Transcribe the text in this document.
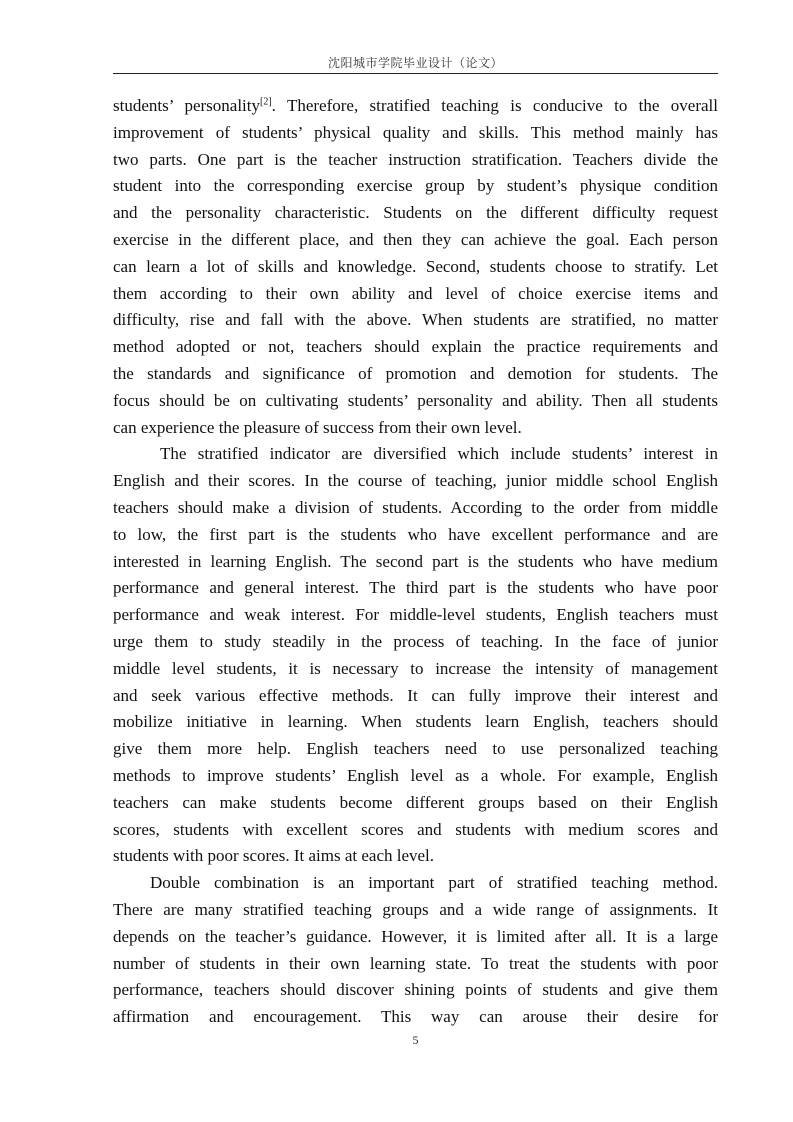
沈阳城市学院毕业设计（论文）

students’ personality[2]. Therefore, stratified teaching is conducive to the overall
improvement of students’ physical quality and skills. This method mainly has
two parts. One part is the teacher instruction stratification. Teachers divide the
student into the corresponding exercise group by student’s physique condition
and the personality characteristic. Students on the different difficulty request
exercise in the different place, and then they can achieve the goal. Each person
can learn a lot of skills and knowledge. Second, students choose to stratify. Let
them according to their own ability and level of choice exercise items and
difficulty, rise and fall with the above. When students are stratified, no matter
method adopted or not, teachers should explain the practice requirements and
the standards and significance of promotion and demotion for students. The
focus should be on cultivating students’ personality and ability. Then all students
can experience the pleasure of success from their own level.

The stratified indicator are diversified which include students’ interest in
English and their scores. In the course of teaching, junior middle school English
teachers should make a division of students. According to the order from middle
to low, the first part is the students who have excellent performance and are
interested in learning English. The second part is the students who have medium
performance and general interest. The third part is the students who have poor
performance and weak interest. For middle-level students, English teachers must
urge them to study steadily in the process of teaching. In the face of junior
middle level students, it is necessary to increase the intensity of management
and seek various effective methods. It can fully improve their interest and
mobilize initiative in learning. When students learn English, teachers should
give them more help. English teachers need to use personalized teaching
methods to improve students’ English level as a whole. For example, English
teachers can make students become different groups based on their English
scores, students with excellent scores and students with medium scores and
students with poor scores. It aims at each level.

Double combination is an important part of stratified teaching method.
There are many stratified teaching groups and a wide range of assignments. It
depends on the teacher’s guidance. However, it is limited after all. It is a large
number of students in their own learning state. To treat the students with poor
performance, teachers should discover shining points of students and give them
affirmation and encouragement. This way can arouse their desire for

5
